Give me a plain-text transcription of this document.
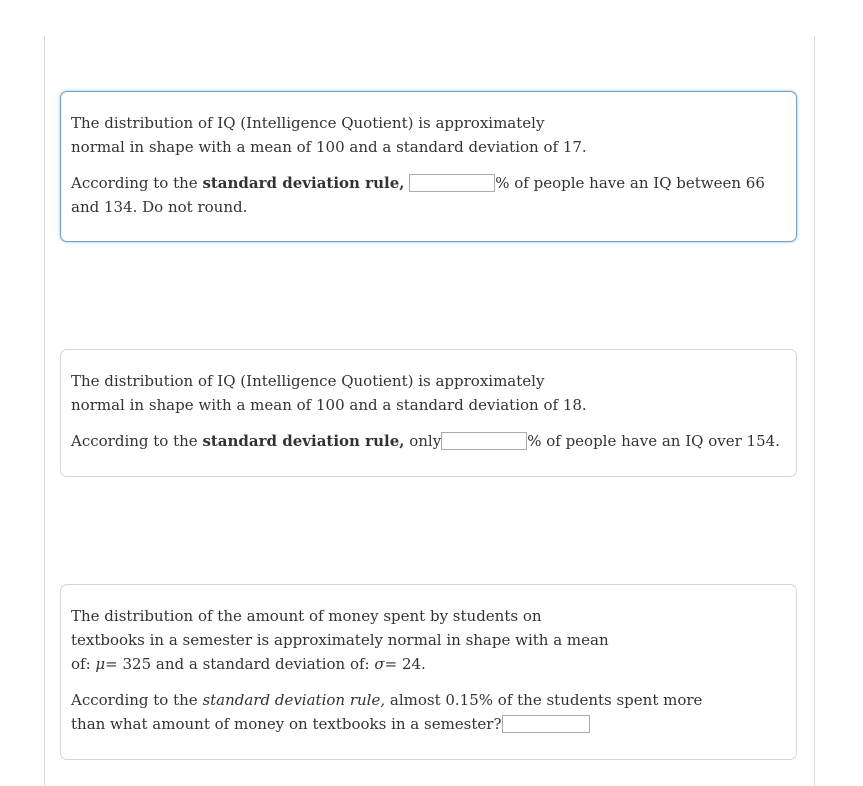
The distribution of IQ (Intelligence Quotient) is approximately normal in shape with a mean of 100 and a standard deviation of 17.

According to the standard deviation rule,	% of people have an IQ between 66 and 134. Do not round.

The distribution of IQ (Intelligence Quotient) is approximately normal in shape with a mean of 100 and a standard deviation of 18.

According to the standard deviation rule, only	% of people have an IQ over 154.

The distribution of the amount of money spent by students on textbooks in a semester is approximately normal in shape with a mean of: μ= 325 and a standard deviation of: σ= 24.

According to the standard deviation rule, almost 0.15% of the students spent more than what amount of money on textbooks in a semester?
